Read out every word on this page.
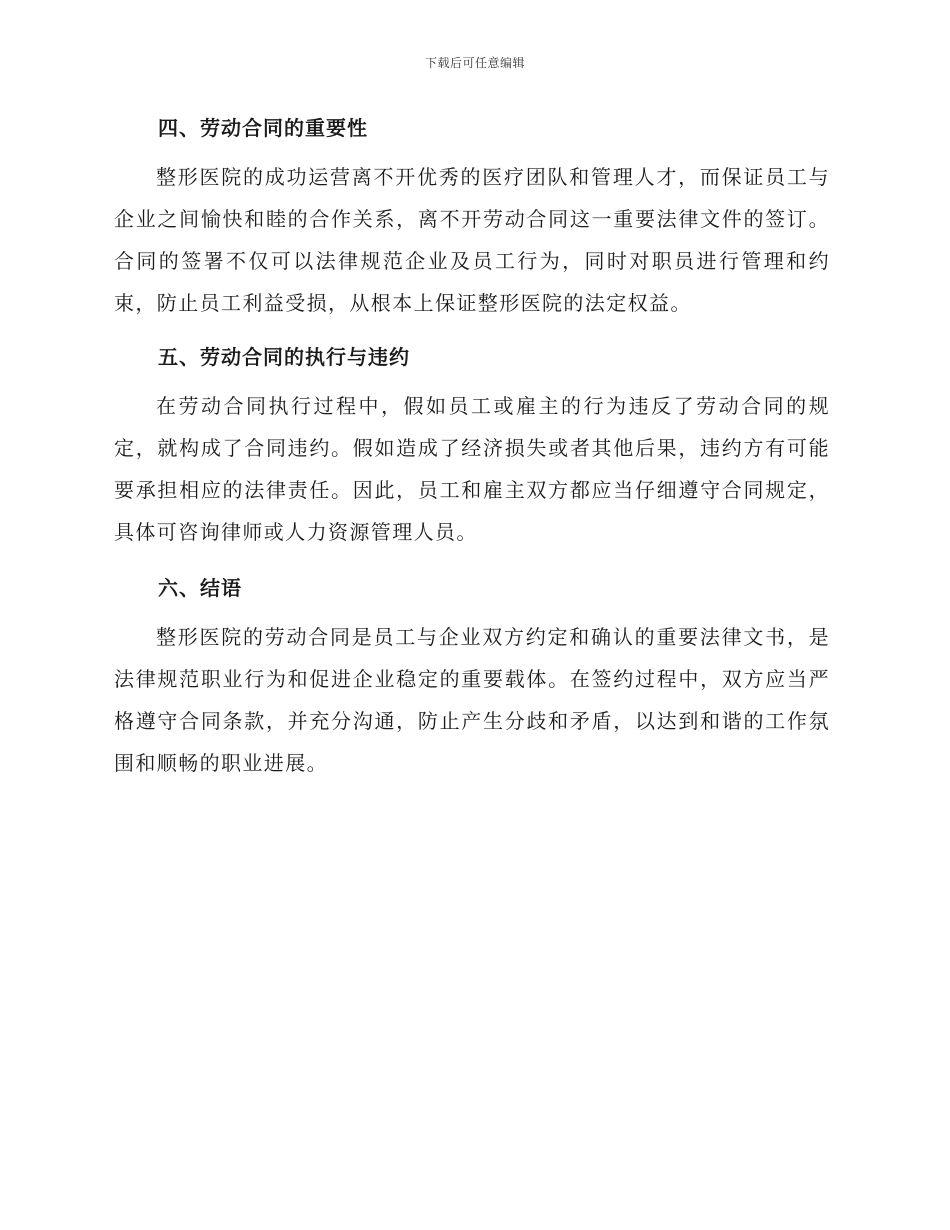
下载后可任意编辑
四、劳动合同的重要性

整形医院的成功运营离不开优秀的医疗团队和管理人才，而保证员工与企业之间愉快和睦的合作关系，离不开劳动合同这一重要法律文件的签订。合同的签署不仅可以法律规范企业及员工行为，同时对职员进行管理和约束，防止员工利益受损，从根本上保证整形医院的法定权益。

五、劳动合同的执行与违约

在劳动合同执行过程中，假如员工或雇主的行为违反了劳动合同的规定，就构成了合同违约。假如造成了经济损失或者其他后果，违约方有可能要承担相应的法律责任。因此，员工和雇主双方都应当仔细遵守合同规定，具体可咨询律师或人力资源管理人员。

六、结语

整形医院的劳动合同是员工与企业双方约定和确认的重要法律文书，是法律规范职业行为和促进企业稳定的重要载体。在签约过程中，双方应当严格遵守合同条款，并充分沟通，防止产生分歧和矛盾，以达到和谐的工作氛围和顺畅的职业进展。
